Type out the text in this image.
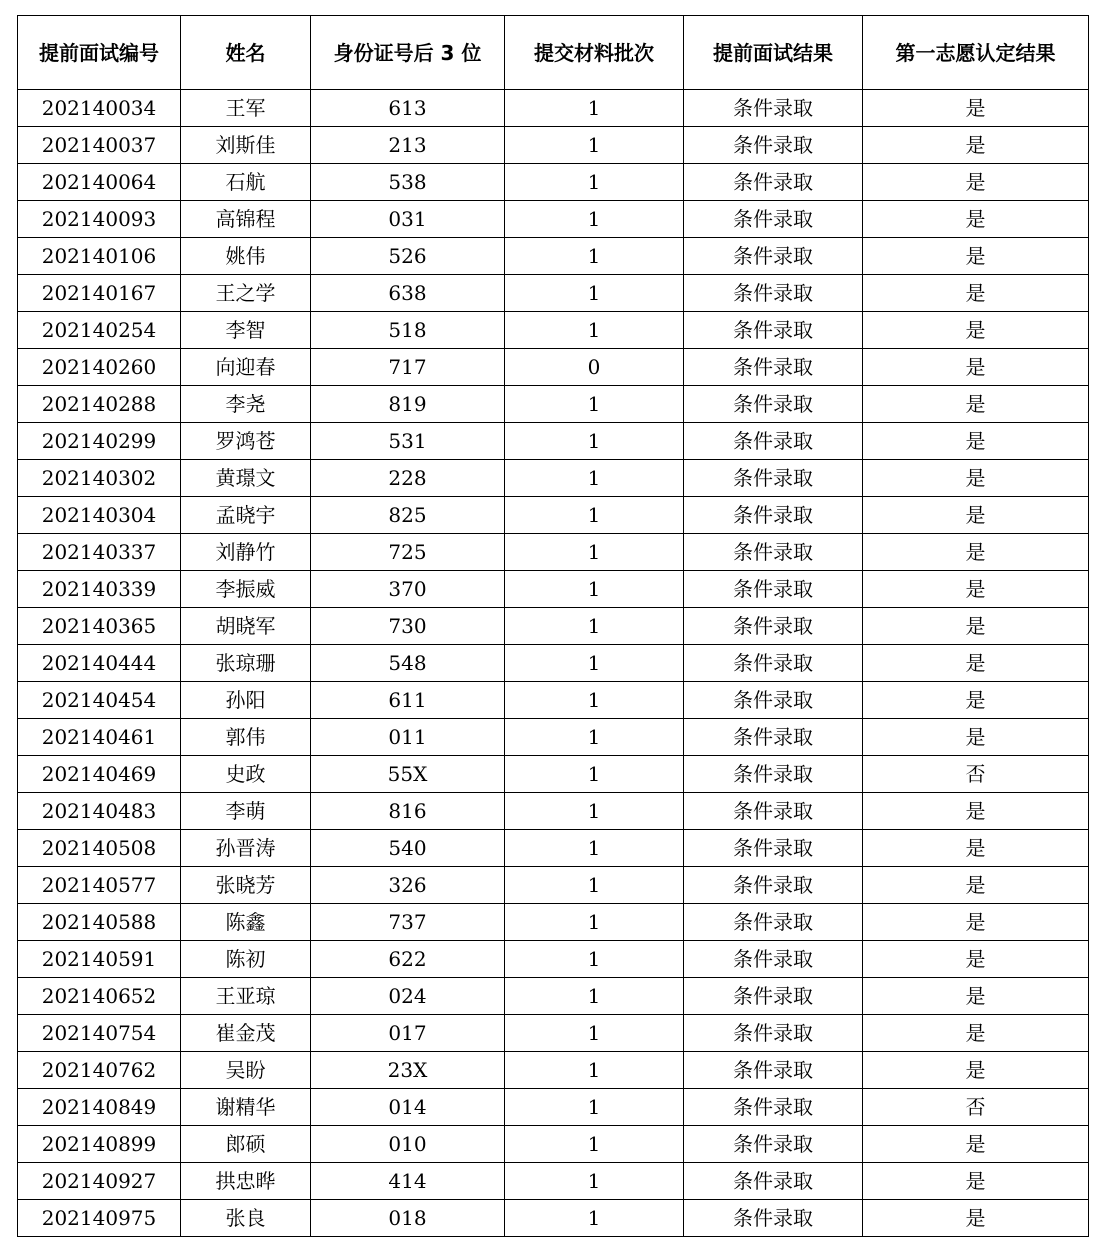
提前面试编号	姓名	身份证号后 3 位	提交材料批次	提前面试结果	第一志愿认定结果
202140034	王军	613	1	条件录取	是
202140037	刘斯佳	213	1	条件录取	是
202140064	石航	538	1	条件录取	是
202140093	高锦程	031	1	条件录取	是
202140106	姚伟	526	1	条件录取	是
202140167	王之学	638	1	条件录取	是
202140254	李智	518	1	条件录取	是
202140260	向迎春	717	0	条件录取	是
202140288	李尧	819	1	条件录取	是
202140299	罗鸿苍	531	1	条件录取	是
202140302	黄璟文	228	1	条件录取	是
202140304	孟晓宇	825	1	条件录取	是
202140337	刘静竹	725	1	条件录取	是
202140339	李振威	370	1	条件录取	是
202140365	胡晓军	730	1	条件录取	是
202140444	张琼珊	548	1	条件录取	是
202140454	孙阳	611	1	条件录取	是
202140461	郭伟	011	1	条件录取	是
202140469	史政	55X	1	条件录取	否
202140483	李萌	816	1	条件录取	是
202140508	孙晋涛	540	1	条件录取	是
202140577	张晓芳	326	1	条件录取	是
202140588	陈鑫	737	1	条件录取	是
202140591	陈初	622	1	条件录取	是
202140652	王亚琼	024	1	条件录取	是
202140754	崔金茂	017	1	条件录取	是
202140762	吴盼	23X	1	条件录取	是
202140849	谢精华	014	1	条件录取	否
202140899	郎硕	010	1	条件录取	是
202140927	拱忠晔	414	1	条件录取	是
202140975	张良	018	1	条件录取	是
